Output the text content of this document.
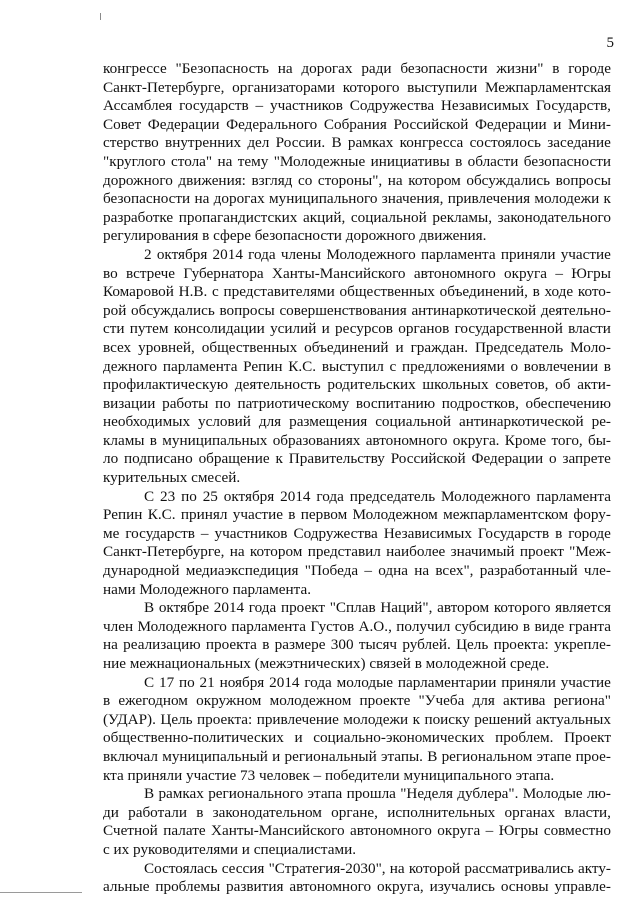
5
конгрессе "Безопасность на дорогах ради безопасности жизни" в городе
Санкт-Петербурге, организаторами которого выступили Межпарламентская
Ассамблея государств – участников Содружества Независимых Государств,
Совет Федерации Федерального Собрания Российской Федерации и Мини-
стерство внутренних дел России. В рамках конгресса состоялось заседание
"круглого стола" на тему "Молодежные инициативы в области безопасности
дорожного движения: взгляд со стороны", на котором обсуждались вопросы
безопасности на дорогах муниципального значения, привлечения молодежи к
разработке пропагандистских акций, социальной рекламы, законодательного
регулирования в сфере безопасности дорожного движения.
2 октября 2014 года члены Молодежного парламента приняли участие
во встрече Губернатора Ханты-Мансийского автономного округа – Югры
Комаровой Н.В. с представителями общественных объединений, в ходе кото-
рой обсуждались вопросы совершенствования антинаркотической деятельно-
сти путем консолидации усилий и ресурсов органов государственной власти
всех уровней, общественных объединений и граждан. Председатель Моло-
дежного парламента Репин К.С. выступил с предложениями о вовлечении в
профилактическую деятельность родительских школьных советов, об акти-
визации работы по патриотическому воспитанию подростков, обеспечению
необходимых условий для размещения социальной антинаркотической ре-
кламы в муниципальных образованиях автономного округа. Кроме того, бы-
ло подписано обращение к Правительству Российской Федерации о запрете
курительных смесей.
С 23 по 25 октября 2014 года председатель Молодежного парламента
Репин К.С. принял участие в первом Молодежном межпарламентском фору-
ме государств – участников Содружества Независимых Государств в городе
Санкт-Петербурге, на котором представил наиболее значимый проект "Меж-
дународной медиаэкспедиция "Победа – одна на всех", разработанный чле-
нами Молодежного парламента.
В октябре 2014 года проект "Сплав Наций", автором которого является
член Молодежного парламента Густов А.О., получил субсидию в виде гранта
на реализацию проекта в размере 300 тысяч рублей. Цель проекта: укрепле-
ние межнациональных (межэтнических) связей в молодежной среде.
С 17 по 21 ноября 2014 года молодые парламентарии приняли участие
в ежегодном окружном молодежном проекте "Учеба для актива региона"
(УДАР). Цель проекта: привлечение молодежи к поиску решений актуальных
общественно-политических и социально-экономических проблем. Проект
включал муниципальный и региональный этапы. В региональном этапе прое-
кта приняли участие 73 человек – победители муниципального этапа.
В рамках регионального этапа прошла "Неделя дублера". Молодые лю-
ди работали в законодательном органе, исполнительных органах власти,
Счетной палате Ханты-Мансийского автономного округа – Югры совместно
с их руководителями и специалистами.
Состоялась сессия "Стратегия-2030", на которой рассматривались акту-
альные проблемы развития автономного округа, изучались основы управле-
